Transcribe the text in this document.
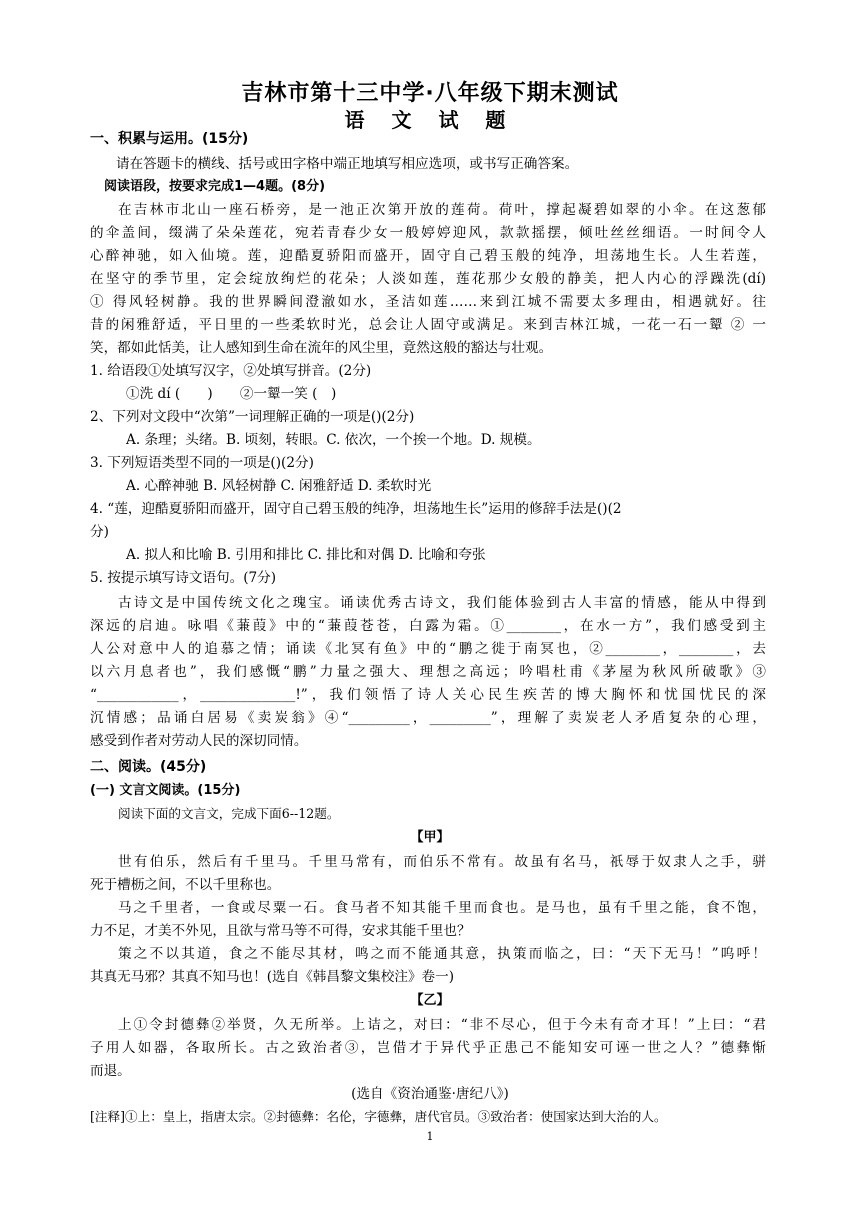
吉林市第十三中学·八年级下期末测试
语 文 试 题
一、积累与运用。(15分)
请在答题卡的横线、括号或田字格中端正地填写相应选项，或书写正确答案。
阅读语段，按要求完成1—4题。(8分)
在吉林市北山一座石桥旁，是一池正次第开放的莲荷。荷叶，撑起凝碧如翠的小伞。在这葱郁
的伞盖间，缀满了朵朵莲花，宛若青春少女一般婷婷迎风，款款摇摆，倾吐丝丝细语。一时间令人
心醉神驰，如入仙境。莲，迎酷夏骄阳而盛开，固守自己碧玉般的纯净，坦荡地生长。人生若莲，
在坚守的季节里，定会绽放绚烂的花朵；人淡如莲，莲花那少女般的静美，把人内心的浮躁洗(dí)
① 得风轻树静。我的世界瞬间澄澈如水，圣洁如莲……来到江城不需要太多理由，相遇就好。往
昔的闲雅舒适，平日里的一些柔软时光，总会让人固守或满足。来到吉林江城，一花一石一颦 ② 一
笑，都如此恬美，让人感知到生命在流年的风尘里，竟然这般的豁达与壮观。
1. 给语段①处填写汉字，②处填写拼音。(2分)
①洗 dí (　　)　　②一颦一笑 (　)
2、下列对文段中“次第”一词理解正确的一项是()(2分)
A. 条理；头绪。B. 顷刻，转眼。C. 依次，一个挨一个地。D. 规模。
3. 下列短语类型不同的一项是()(2分)
A. 心醉神驰 B. 风轻树静 C. 闲雅舒适 D. 柔软时光
4. “莲，迎酷夏骄阳而盛开，固守自己碧玉般的纯净，坦荡地生长”运用的修辞手法是()(2
分)
A. 拟人和比喻 B. 引用和排比 C. 排比和对偶 D. 比喻和夸张
5. 按提示填写诗文语句。(7分)
古诗文是中国传统文化之瑰宝。诵读优秀古诗文，我们能体验到古人丰富的情感，能从中得到
深远的启迪。咏唱《蒹葭》中的“蒹葭苍苍，白露为霜。①________，在水一方”，我们感受到主
人公对意中人的追慕之情；诵读《北冥有鱼》中的“鹏之徙于南冥也，②________，________，去
以六月息者也”，我们感慨“鹏”力量之强大、理想之高远；吟唱杜甫《茅屋为秋风所破歌》③
“____________，______________!”，我们领悟了诗人关心民生疾苦的博大胸怀和忧国忧民的深
沉情感；品诵白居易《卖炭翁》④“_________，_________”，理解了卖炭老人矛盾复杂的心理，
感受到作者对劳动人民的深切同情。
二、阅读。(45分)
(一) 文言文阅读。(15分)
阅读下面的文言文，完成下面6--12题。
【甲】
世有伯乐，然后有千里马。千里马常有，而伯乐不常有。故虽有名马，祇辱于奴隶人之手，骈
死于槽枥之间，不以千里称也。
马之千里者，一食或尽粟一石。食马者不知其能千里而食也。是马也，虽有千里之能，食不饱，
力不足，才美不外见，且欲与常马等不可得，安求其能千里也？
策之不以其道，食之不能尽其材，鸣之而不能通其意，执策而临之，曰：“天下无马！”呜呼！
其真无马邪？其真不知马也！(选自《韩昌黎文集校注》卷一)
【乙】
上①令封德彝②举贤，久无所举。上诘之，对曰：“非不尽心，但于今未有奇才耳！”上曰：“君
子用人如器，各取所长。古之致治者③，岂借才于异代乎正患己不能知安可诬一世之人？”德彝惭
而退。
(选自《资治通鉴·唐纪八》)
[注释]①上：皇上，指唐太宗。②封德彝：名伦，字德彝，唐代官员。③致治者：使国家达到大治的人。
1
